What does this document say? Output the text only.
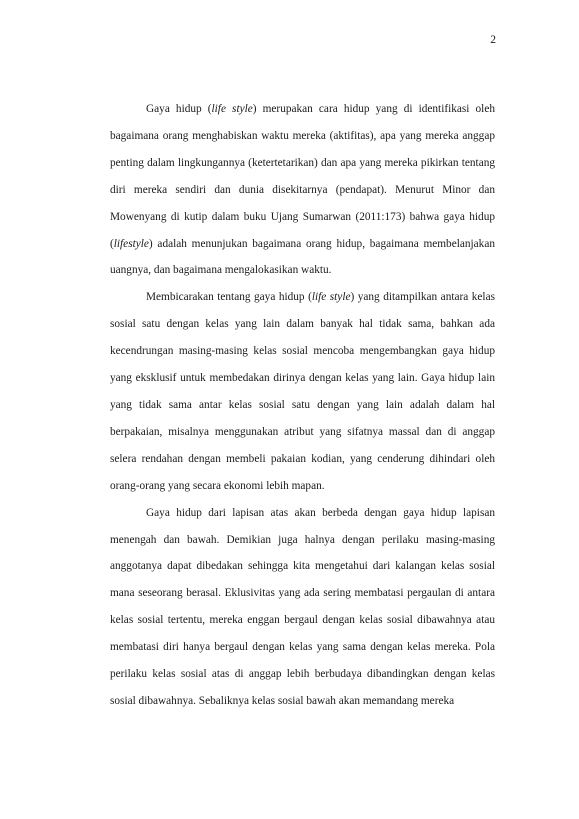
2

Gaya hidup (life style) merupakan cara hidup yang di identifikasi oleh bagaimana orang menghabiskan waktu mereka (aktifitas), apa yang mereka anggap penting dalam lingkungannya (ketertetarikan) dan apa yang mereka pikirkan tentang diri mereka sendiri dan dunia disekitarnya (pendapat). Menurut Minor dan Mowenyang di kutip dalam buku Ujang Sumarwan (2011:173) bahwa gaya hidup (lifestyle) adalah menunjukan bagaimana orang hidup, bagaimana membelanjakan uangnya, dan bagaimana mengalokasikan waktu.

Membicarakan tentang gaya hidup (life style) yang ditampilkan antara kelas sosial satu dengan kelas yang lain dalam banyak hal tidak sama, bahkan ada kecendrungan masing-masing kelas sosial mencoba mengembangkan gaya hidup yang eksklusif untuk membedakan dirinya dengan kelas yang lain. Gaya hidup lain yang tidak sama antar kelas sosial satu dengan yang lain adalah dalam hal berpakaian, misalnya menggunakan atribut yang sifatnya massal dan di anggap selera rendahan dengan membeli pakaian kodian, yang cenderung dihindari oleh orang-orang yang secara ekonomi lebih mapan.

Gaya hidup dari lapisan atas akan berbeda dengan gaya hidup lapisan menengah dan bawah. Demikian juga halnya dengan perilaku masing-masing anggotanya dapat dibedakan sehingga kita mengetahui dari kalangan kelas sosial mana seseorang berasal. Eklusivitas yang ada sering membatasi pergaulan di antara kelas sosial tertentu, mereka enggan bergaul dengan kelas sosial dibawahnya atau membatasi diri hanya bergaul dengan kelas yang sama dengan kelas mereka. Pola perilaku kelas sosial atas di anggap lebih berbudaya dibandingkan dengan kelas sosial dibawahnya. Sebaliknya kelas sosial bawah akan memandang mereka
